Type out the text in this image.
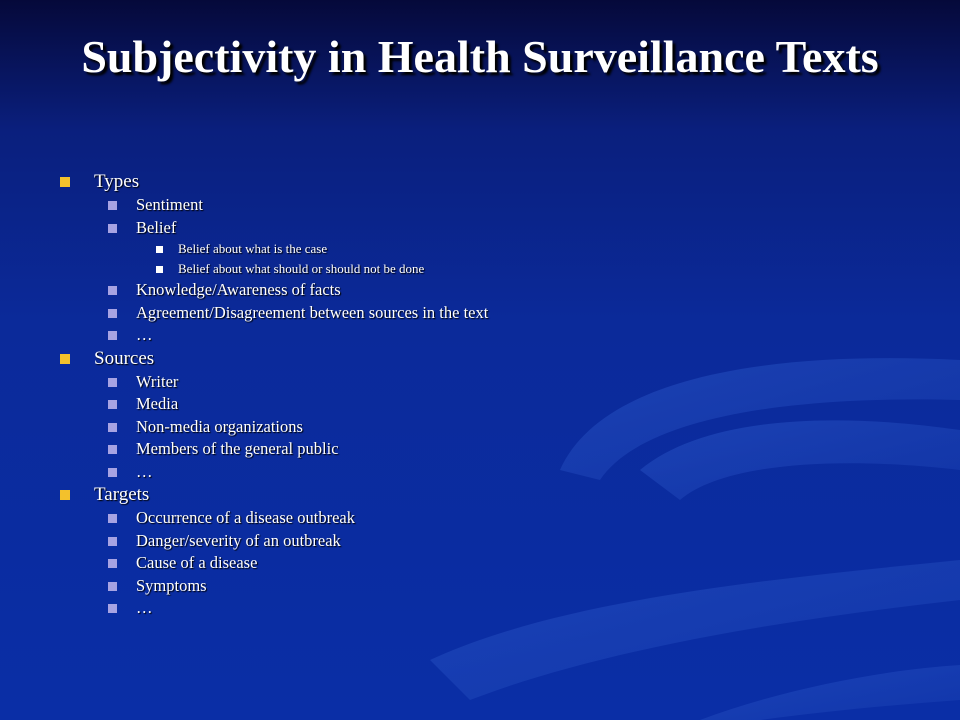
Subjectivity in Health Surveillance Texts
Types
Sentiment
Belief
Belief about what is the case
Belief about what should or should not be done
Knowledge/Awareness of facts
Agreement/Disagreement between sources in the text
…
Sources
Writer
Media
Non-media organizations
Members of the general public
…
Targets
Occurrence of a disease outbreak
Danger/severity of an outbreak
Cause of a disease
Symptoms
…
